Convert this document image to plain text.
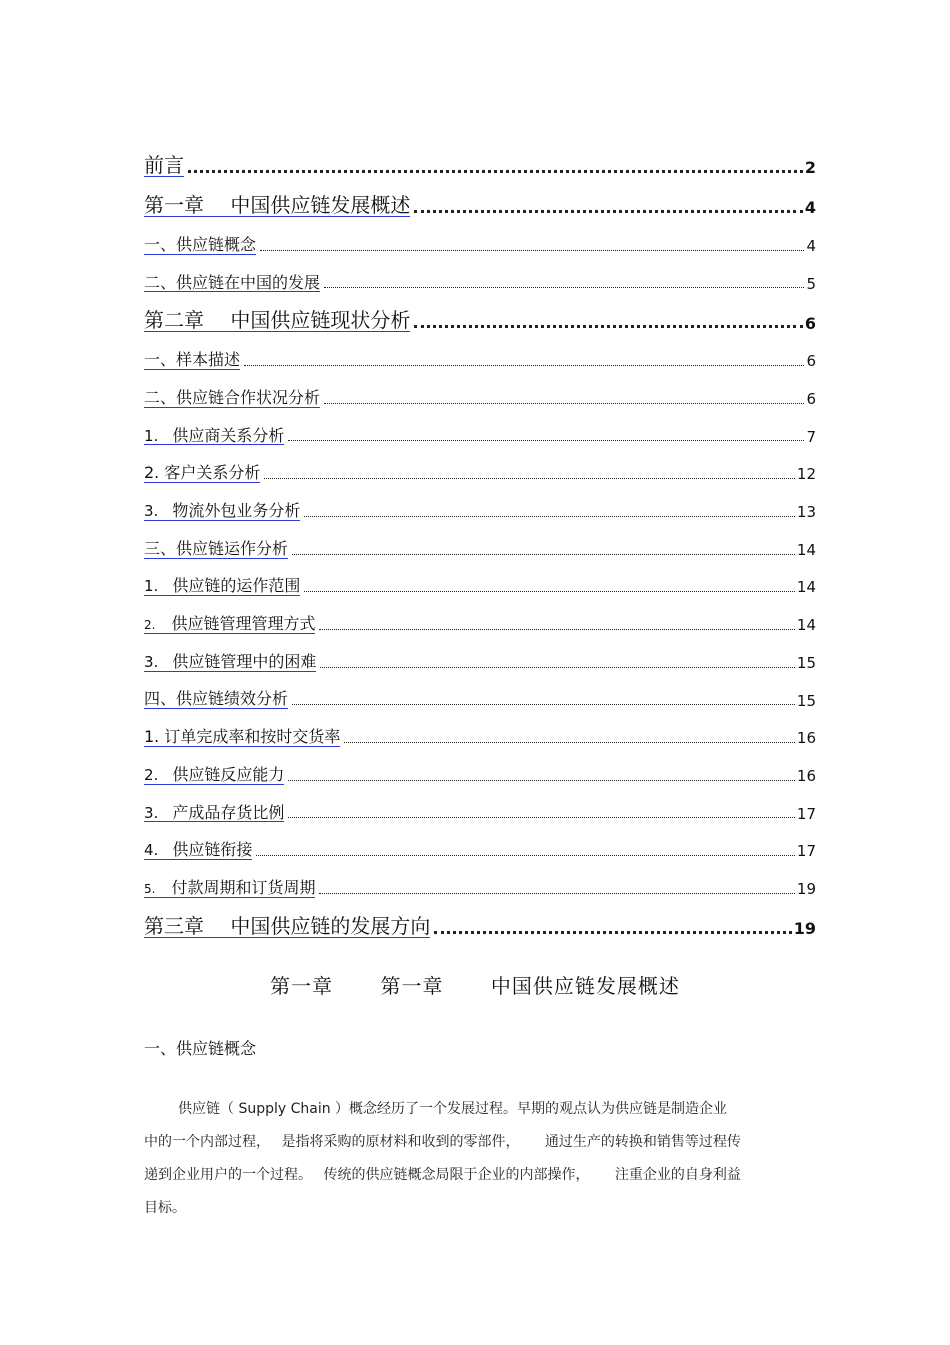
前言	2
第一章　 中国供应链发展概述	4
一、供应链概念	4
二、供应链在中国的发展	5
第二章　 中国供应链现状分析	6
一、样本描述	6
二、供应链合作状况分析	6
1. 供应商关系分析	7
2. 客户关系分析	12
3. 物流外包业务分析	13
三、供应链运作分析	14
1. 供应链的运作范围	14
2. 供应链管理管理方式	14
3. 供应链管理中的困难	15
四、供应链绩效分析	15
1. 订单完成率和按时交货率	16
2. 供应链反应能力	16
3. 产成品存货比例	17
4. 供应链衔接	17
5. 付款周期和订货周期	19
第三章　 中国供应链的发展方向	19
第一章 第一章 中国供应链发展概述
一、供应链概念

供应链（ Supply Chain ）概念经历了一个发展过程。早期的观点认为供应链是制造企业

中的一个内部过程，　 是指将采购的原材料和收到的零部件，　　 通过生产的转换和销售等过程传

递到企业用户的一个过程。　 传统的供应链概念局限于企业的内部操作，　　 注重企业的自身利益

目标。
